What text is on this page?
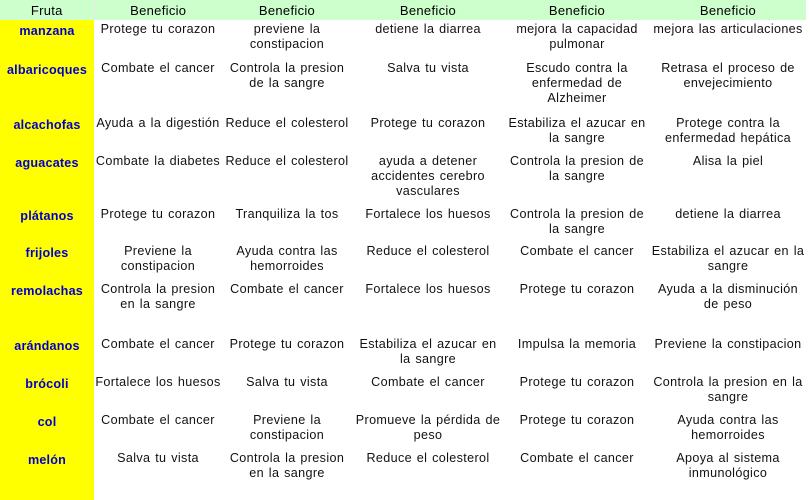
Fruta	Beneficio	Beneficio	Beneficio	Beneficio	Beneficio
manzana	Protege tu corazon	previene la constipacion	detiene la diarrea	mejora la capacidad pulmonar	mejora las articulaciones
albaricoques	Combate el cancer	Controla la presion de la sangre	Salva tu vista	Escudo contra la enfermedad de Alzheimer	Retrasa el proceso de envejecimiento
alcachofas	Ayuda a la digestión	Reduce el colesterol	Protege tu corazon	Estabiliza el azucar en la sangre	Protege contra la enfermedad hepática
aguacates	Combate la diabetes	Reduce el colesterol	ayuda a detener accidentes cerebro vasculares	Controla la presion de la sangre	Alisa la piel
plátanos	Protege tu corazon	Tranquiliza la tos	Fortalece los huesos	Controla la presion de la sangre	detiene la diarrea
frijoles	Previene la constipacion	Ayuda contra las hemorroides	Reduce el colesterol	Combate el cancer	Estabiliza el azucar en la sangre
remolachas	Controla la presion en la sangre	Combate el cancer	Fortalece los huesos	Protege tu corazon	Ayuda a la disminución de peso
arándanos	Combate el cancer	Protege tu corazon	Estabiliza el azucar en la sangre	Impulsa la memoria	Previene la constipacion
brócoli	Fortalece los huesos	Salva tu vista	Combate el cancer	Protege tu corazon	Controla la presion en la sangre
col	Combate el cancer	Previene la constipacion	Promueve la pérdida de peso	Protege tu corazon	Ayuda contra las hemorroides
melón	Salva tu vista	Controla la presion en la sangre	Reduce el colesterol	Combate el cancer	Apoya al sistema inmunológico
